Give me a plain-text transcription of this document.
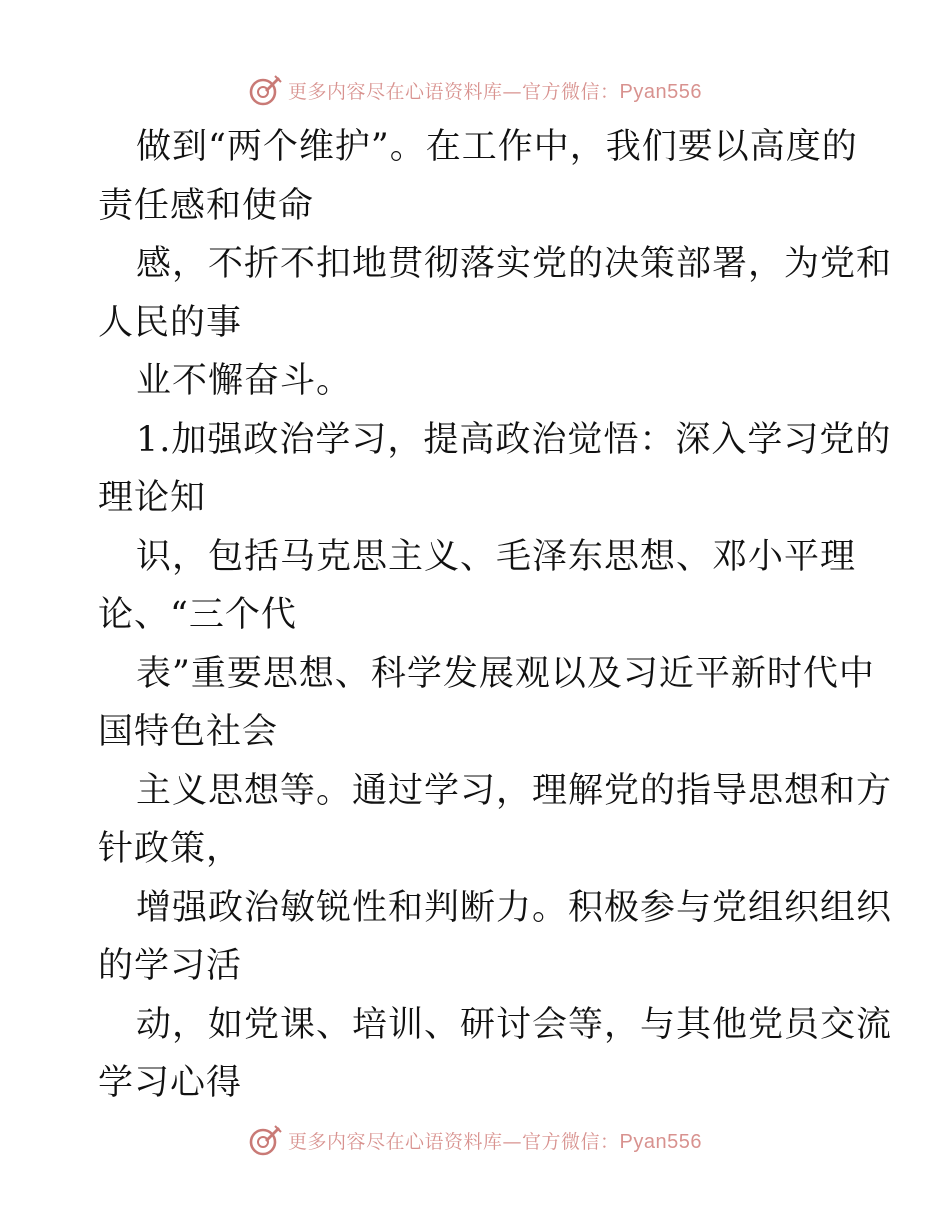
更多内容尽在心语资料库—官方微信：Pyan556
做到“两个维护”。在工作中，我们要以高度的
责任感和使命
感，不折不扣地贯彻落实党的决策部署，为党和
人民的事
业不懈奋斗。
1.加强政治学习，提高政治觉悟：深入学习党的
理论知
识，包括马克思主义、毛泽东思想、邓小平理
论、“三个代
表”重要思想、科学发展观以及习近平新时代中
国特色社会
主义思想等。通过学习，理解党的指导思想和方
针政策，
增强政治敏锐性和判断力。积极参与党组织组织
的学习活
动，如党课、培训、研讨会等，与其他党员交流
学习心得
更多内容尽在心语资料库—官方微信：Pyan556
